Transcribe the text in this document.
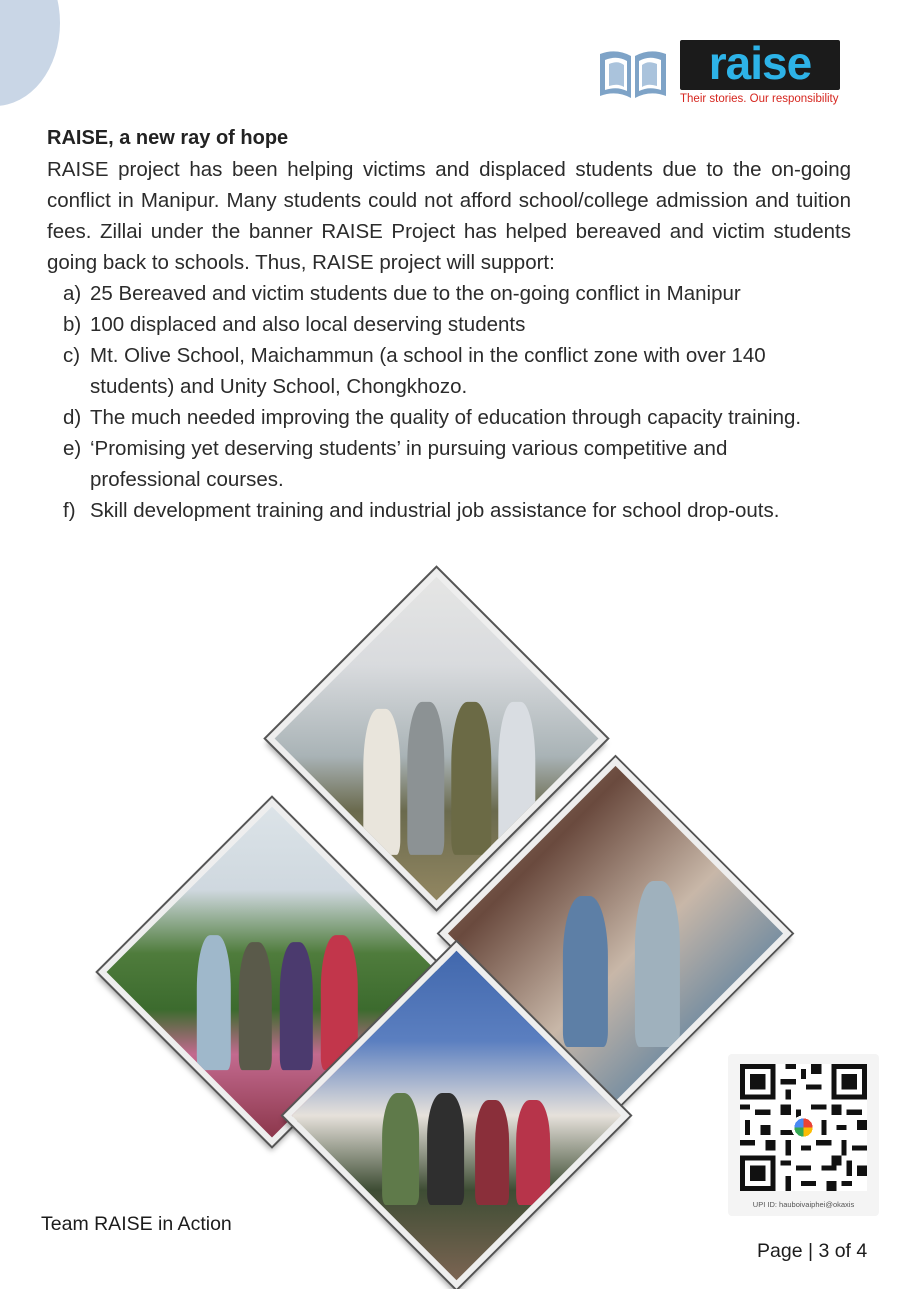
raise
Their stories. Our responsibility

RAISE, a new ray of hope

RAISE project has been helping victims and displaced students due to the on-going conflict in Manipur. Many students could not afford school/college admission and tuition fees. Zillai under the banner RAISE Project has helped bereaved and victim students going back to schools. Thus, RAISE project will support:

a) 25 Bereaved and victim students due to the on-going conflict in Manipur
b) 100 displaced and also local deserving students
c) Mt. Olive School, Maichammun (a school in the conflict zone with over 140 students) and Unity School, Chongkhozo.
d) The much needed improving the quality of education through capacity training.
e) ‘Promising yet deserving students’ in pursuing various competitive and professional courses.
f) Skill development training and industrial job assistance for school drop-outs.
UPI ID: hauboivaiphei@okaxis
Team RAISE in Action
Page | 3 of 4
